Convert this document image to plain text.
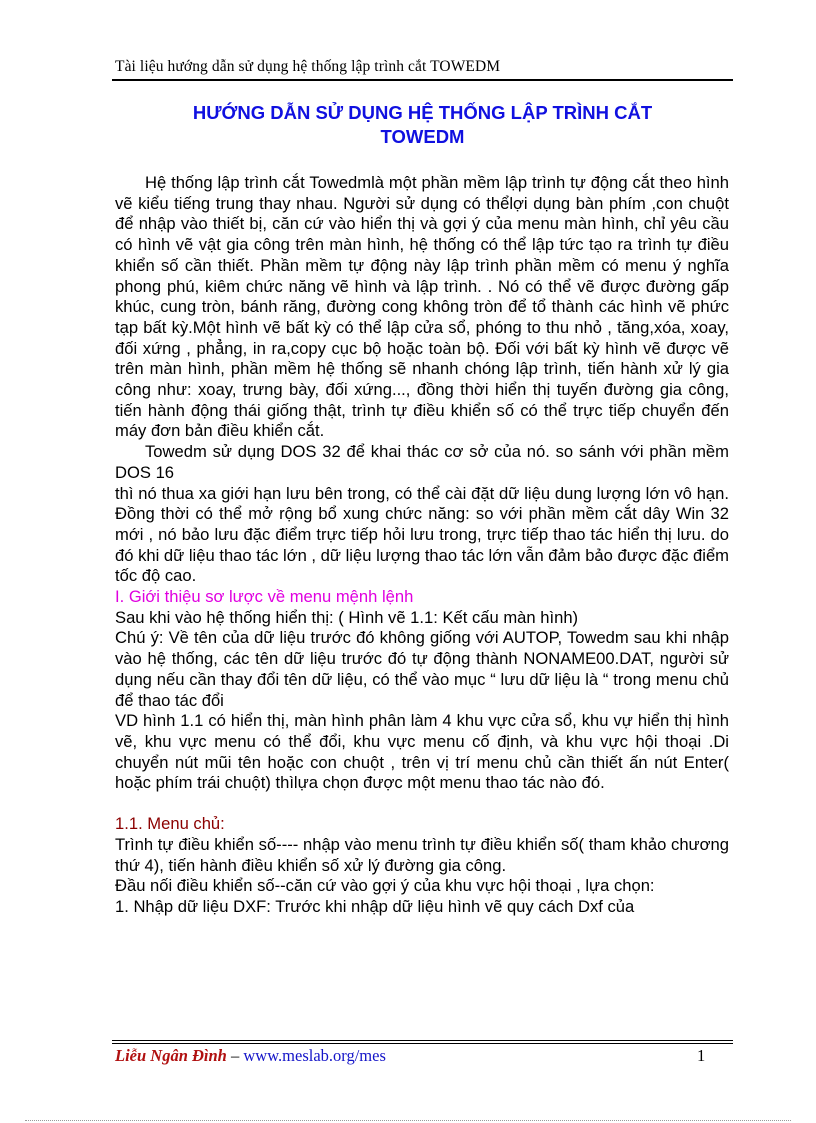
Tài liệu hướng dẫn sử dụng hệ thống lập trình cắt TOWEDM
HƯỚNG DẪN SỬ DỤNG HỆ THỐNG LẬP TRÌNH CẮT
TOWEDM

Hệ thống lập trình cắt Towedmlà một phần mềm lập trình tự động cắt theo hình vẽ kiểu tiếng trung thay nhau. Người sử dụng có thểlợi dụng bàn phím ,con chuột để nhập vào thiết bị, căn cứ vào hiển thị và gợi ý của menu màn hình, chỉ yêu cầu có hình vẽ vật gia công trên màn hình, hệ thống có thể lập tức tạo ra trình tự điều khiển số cần thiết. Phần mềm tự động này lập trình phần mềm có menu ý nghĩa phong phú, kiêm chức năng vẽ hình và lập trình. . Nó có thể vẽ được đường gấp khúc, cung tròn, bánh răng, đường cong không tròn để tổ thành các hình vẽ phức tạp bất kỳ.Một hình vẽ bất kỳ có thể lập cửa sổ, phóng to thu nhỏ , tăng,xóa, xoay, đối xứng , phẳng, in ra,copy cục bộ hoặc toàn bộ. Đối với bất kỳ hình vẽ được vẽ trên màn hình, phần mềm hệ thống sẽ nhanh chóng lập trình, tiến hành xử lý gia công như: xoay, trưng bày, đối xứng..., đồng thời hiển thị tuyến đường gia công, tiến hành động thái giống thật, trình tự điều khiển số có thể trực tiếp chuyển đến máy đơn bản điều khiển cắt.

Towedm sử dụng DOS 32 để khai thác cơ sở của nó. so sánh với phần mềm DOS 16

thì nó thua xa giới hạn lưu bên trong, có thể cài đặt dữ liệu dung lượng lớn vô hạn. Đồng thời có thể mở rộng bổ xung chức năng: so với phần mềm cắt dây Win 32 mới , nó bảo lưu đặc điểm trực tiếp hỏi lưu trong, trực tiếp thao tác hiển thị lưu. do đó khi dữ liệu thao tác lớn , dữ liệu lượng thao tác lớn vẫn đảm bảo được đặc điểm tốc độ cao.

I. Giới thiệu sơ lược về menu mệnh lệnh

Sau khi vào hệ thống hiển thị: ( Hình vẽ 1.1: Kết cấu màn hình)

Chú ý: Về tên của dữ liệu trước đó không giống với AUTOP, Towedm sau khi nhập vào hệ thống, các tên dữ liệu trước đó tự động thành NONAME00.DAT, người sử dụng nếu cần thay đổi tên dữ liệu, có thể vào mục “ lưu dữ liệu là “ trong menu chủ để thao tác đổi

VD hình 1.1 có hiển thị, màn hình phân làm 4 khu vực cửa sổ, khu vự hiển thị hình vẽ, khu vực menu có thể đổi, khu vực menu cố định, và khu vực hội thoại .Di chuyển nút mũi tên hoặc con chuột , trên vị trí menu chủ cần thiết ấn nút Enter( hoặc phím trái chuột) thìlựa chọn được một menu thao tác nào đó.

1.1. Menu chủ:

Trình tự điều khiển số---- nhập vào menu trình tự điều khiển số( tham khảo chương thứ 4), tiến hành điều khiển số xử lý đường gia công.

Đầu nối điều khiển số--căn cứ vào gợi ý của khu vực hội thoại , lựa chọn:

1. Nhập dữ liệu DXF: Trước khi nhập dữ liệu hình vẽ quy cách Dxf của

Liễu Ngân Đình – www.meslab.org/mes	1
